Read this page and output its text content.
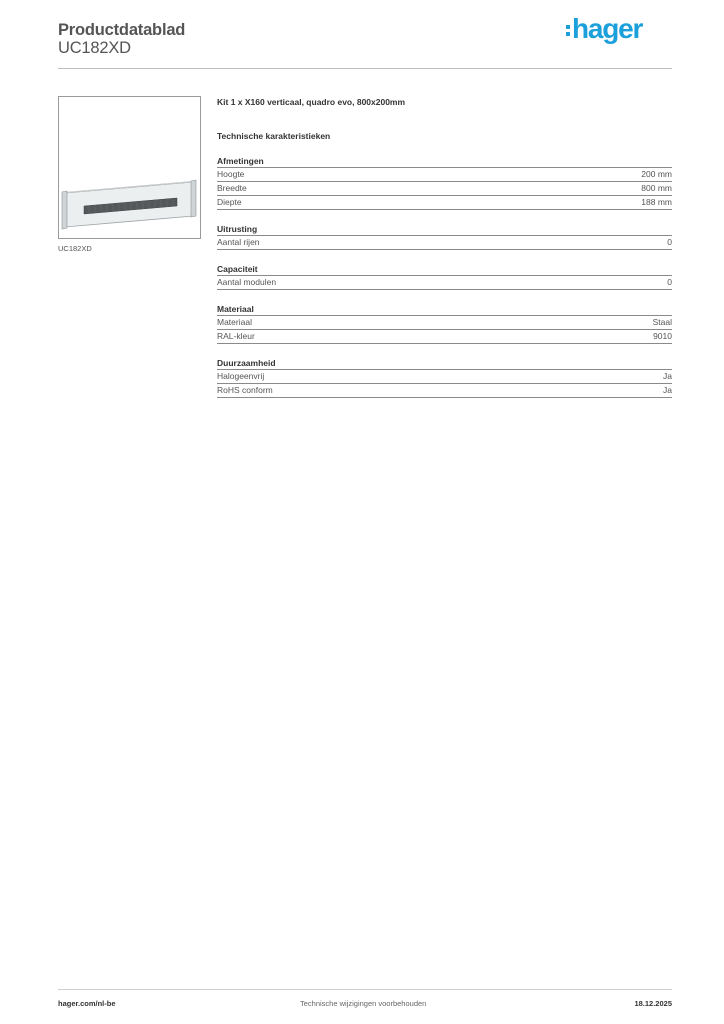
Productdatablad
UC182XD
hager
UC182XD
Kit 1 x X160 verticaal, quadro evo, 800x200mm
Technische karakteristieken
Afmetingen
Hoogte	200 mm
Breedte	800 mm
Diepte	188 mm
Uitrusting
Aantal rijen	0
Capaciteit
Aantal modulen	0
Materiaal
Materiaal	Staal
RAL-kleur	9010
Duurzaamheid
Halogeenvrij	Ja
RoHS conform	Ja
hager.com/nl-be	Technische wijzigingen voorbehouden	18.12.2025
